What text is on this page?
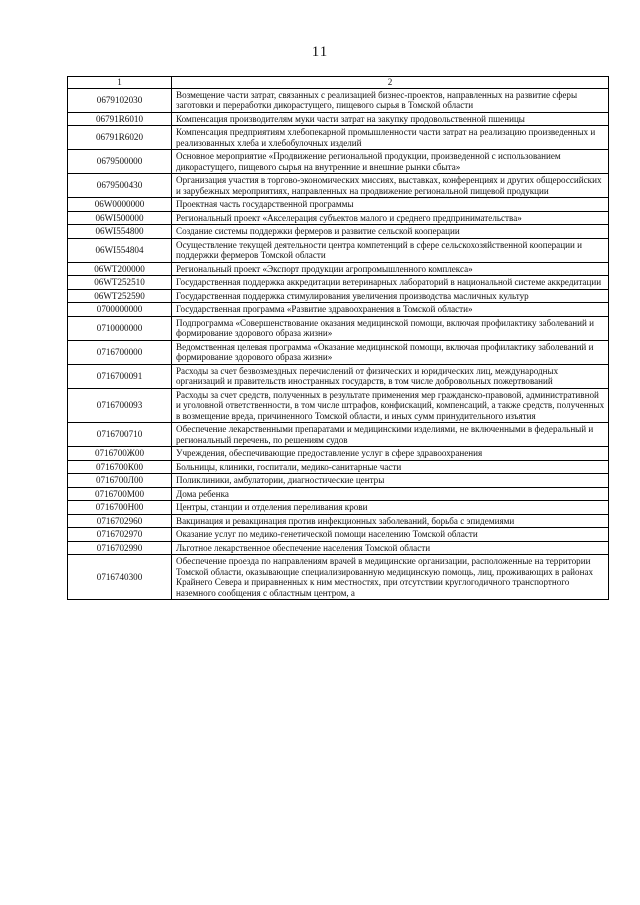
11
1	2
0679102030	Возмещение части затрат, связанных с реализацией бизнес-проектов, направленных на развитие сферы заготовки и переработки дикорастущего, пищевого сырья в Томской области
06791R6010	Компенсация производителям муки части затрат на закупку продовольственной пшеницы
06791R6020	Компенсация предприятиям хлебопекарной промышленности части затрат на реализацию произведенных и реализованных хлеба и хлебобулочных изделий
0679500000	Основное мероприятие «Продвижение региональной продукции, произведенной с использованием дикорастущего, пищевого сырья на внутренние и внешние рынки сбыта»
0679500430	Организация участия в торгово-экономических миссиях, выставках, конференциях и других общероссийских и зарубежных мероприятиях, направленных на продвижение региональной пищевой продукции
06W0000000	Проектная часть государственной программы
06WI500000	Региональный проект «Акселерация субъектов малого и среднего предпринимательства»
06WI554800	Создание системы поддержки фермеров и развитие сельской кооперации
06WI554804	Осуществление текущей деятельности центра компетенций в сфере сельскохозяйственной кооперации и поддержки фермеров Томской области
06WT200000	Региональный проект «Экспорт продукции агропромышленного комплекса»
06WT252510	Государственная поддержка аккредитации ветеринарных лабораторий в национальной системе аккредитации
06WT252590	Государственная поддержка стимулирования увеличения производства масличных культур
0700000000	Государственная программа «Развитие здравоохранения в Томской области»
0710000000	Подпрограмма «Совершенствование оказания медицинской помощи, включая профилактику заболеваний и формирование здорового образа жизни»
0716700000	Ведомственная целевая программа «Оказание медицинской помощи, включая профилактику заболеваний и формирование здорового образа жизни»
0716700091	Расходы за счет безвозмездных перечислений от физических и юридических лиц, международных организаций и правительств иностранных государств, в том числе добровольных пожертвований
0716700093	Расходы за счет средств, полученных в результате применения мер гражданско-правовой, административной и уголовной ответственности, в том числе штрафов, конфискаций, компенсаций, а также средств, полученных в возмещение вреда, причиненного Томской области, и иных сумм принудительного изъятия
0716700710	Обеспечение лекарственными препаратами и медицинскими изделиями, не включенными в федеральный и региональный перечень, по решениям судов
0716700Ж00	Учреждения, обеспечивающие предоставление услуг в сфере здравоохранения
0716700К00	Больницы, клиники, госпитали, медико-санитарные части
0716700Л00	Поликлиники, амбулатории, диагностические центры
0716700М00	Дома ребенка
0716700Н00	Центры, станции и отделения переливания крови
0716702960	Вакцинация и ревакцинация против инфекционных заболеваний, борьба с эпидемиями
0716702970	Оказание услуг по медико-генетической помощи населению Томской области
0716702990	Льготное лекарственное обеспечение населения Томской области
0716740300	Обеспечение проезда по направлениям врачей в медицинские организации, расположенные на территории Томской области, оказывающие специализированную медицинскую помощь, лиц, проживающих в районах Крайнего Севера и приравненных к ним местностях, при отсутствии круглогодичного транспортного наземного сообщения с областным центром, а
